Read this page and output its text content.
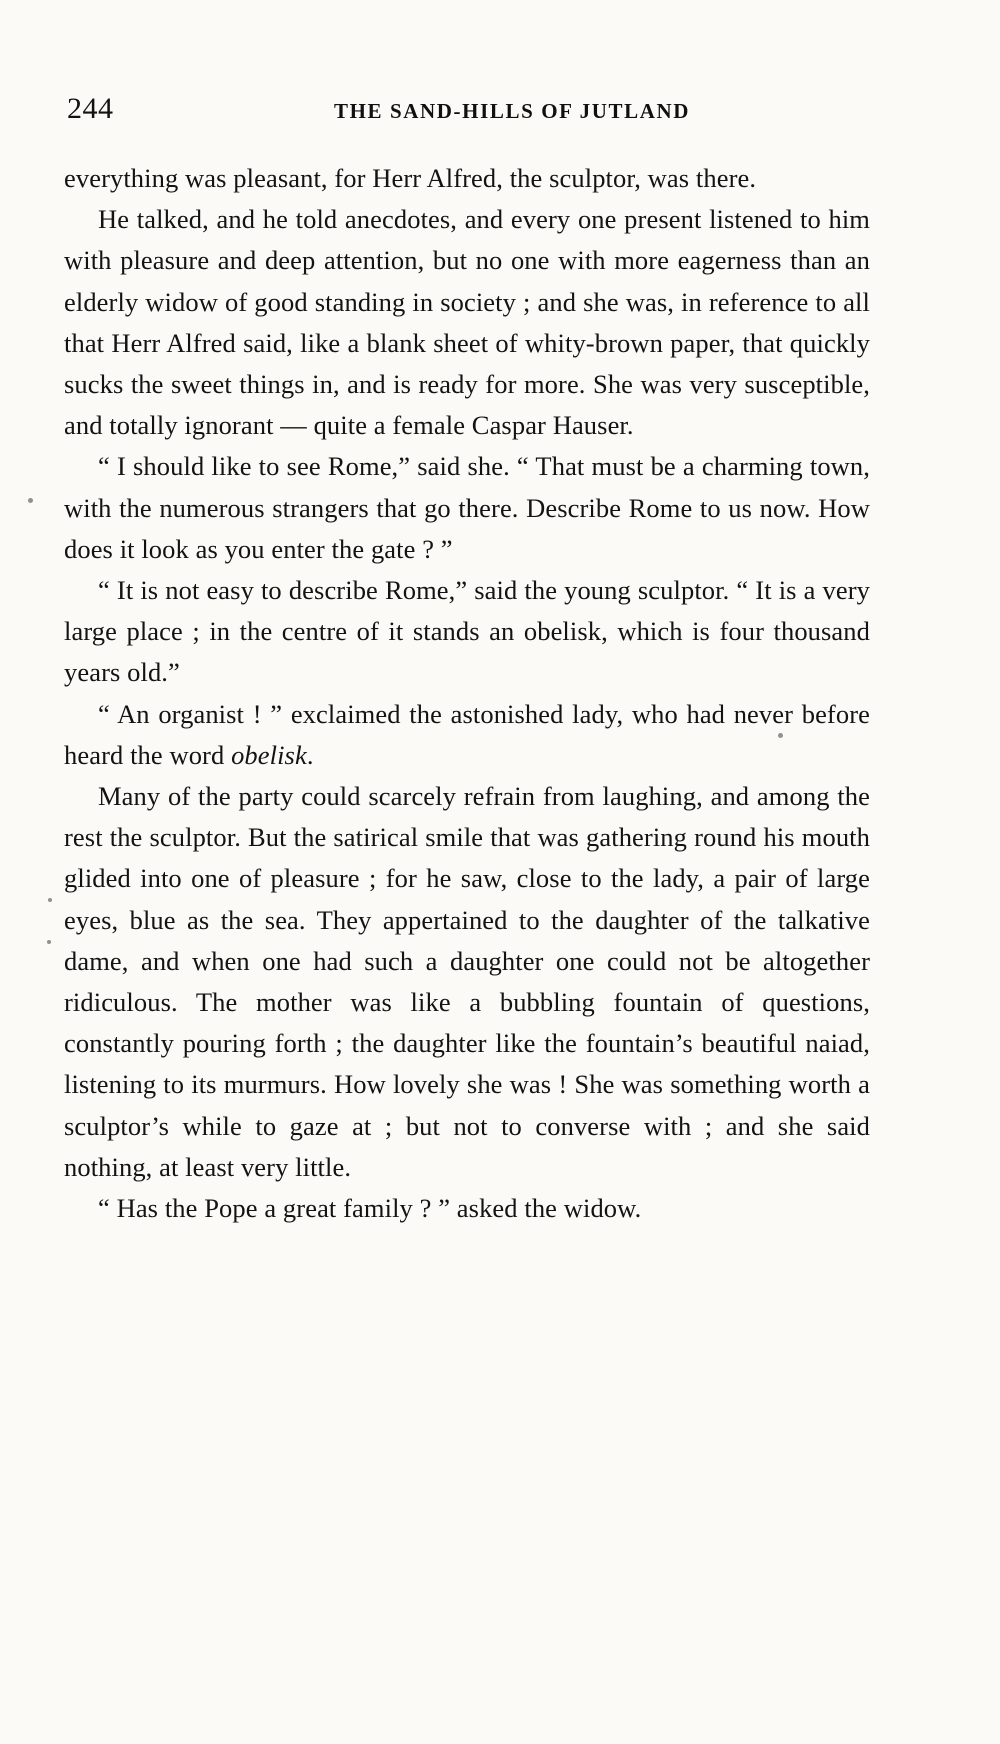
244	THE SAND-HILLS OF JUTLAND

everything was pleasant, for Herr Alfred, the sculptor, was there.

He talked, and he told anecdotes, and every one present listened to him with pleasure and deep attention, but no one with more eagerness than an elderly widow of good standing in society ; and she was, in reference to all that Herr Alfred said, like a blank sheet of whity-brown paper, that quickly sucks the sweet things in, and is ready for more. She was very susceptible, and totally ignorant — quite a female Caspar Hauser.

“ I should like to see Rome,” said she. “ That must be a charming town, with the numerous strangers that go there. Describe Rome to us now. How does it look as you enter the gate ? ”

“ It is not easy to describe Rome,” said the young sculptor. “ It is a very large place ; in the centre of it stands an obelisk, which is four thousand years old.”

“ An organist ! ” exclaimed the astonished lady, who had never before heard the word obelisk.

Many of the party could scarcely refrain from laughing, and among the rest the sculptor. But the satirical smile that was gathering round his mouth glided into one of pleasure ; for he saw, close to the lady, a pair of large eyes, blue as the sea. They appertained to the daughter of the talkative dame, and when one had such a daughter one could not be altogether ridiculous. The mother was like a bubbling fountain of questions, constantly pouring forth ; the daughter like the fountain’s beautiful naiad, listening to its murmurs. How lovely she was ! She was something worth a sculptor’s while to gaze at ; but not to converse with ; and she said nothing, at least very little.

“ Has the Pope a great family ? ” asked the widow.
